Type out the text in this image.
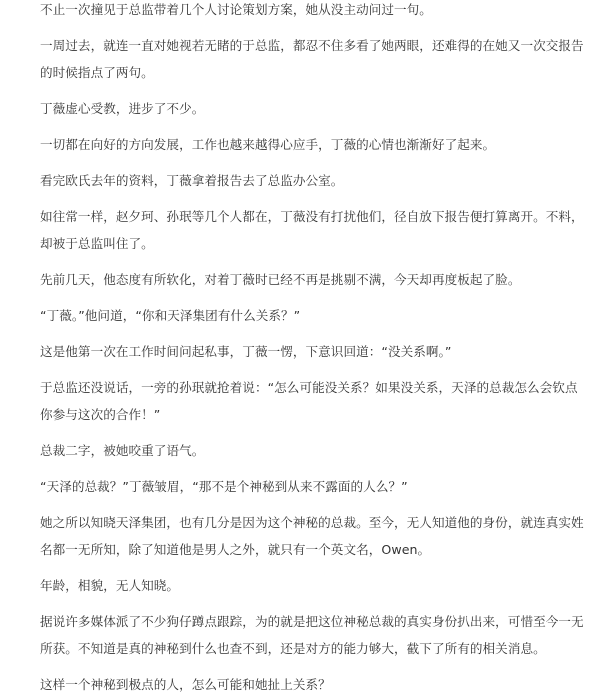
不止一次撞见于总监带着几个人讨论策划方案，她从没主动问过一句。

一周过去，就连一直对她视若无睹的于总监，都忍不住多看了她两眼，还难得的在她又一次交报告的时候指点了两句。

丁薇虚心受教，进步了不少。

一切都在向好的方向发展，工作也越来越得心应手，丁薇的心情也渐渐好了起来。

看完欧氏去年的资料，丁薇拿着报告去了总监办公室。

如往常一样，赵夕珂、孙珉等几个人都在，丁薇没有打扰他们，径自放下报告便打算离开。不料，却被于总监叫住了。

先前几天，他态度有所软化，对着丁薇时已经不再是挑剔不满，今天却再度板起了脸。

“丁薇。”他问道，“你和天泽集团有什么关系？”

这是他第一次在工作时间问起私事，丁薇一愣，下意识回道：“没关系啊。”

于总监还没说话，一旁的孙珉就抢着说：“怎么可能没关系？如果没关系，天泽的总裁怎么会钦点你参与这次的合作！”

总裁二字，被她咬重了语气。

“天泽的总裁？”丁薇皱眉，“那不是个神秘到从来不露面的人么？”

她之所以知晓天泽集团，也有几分是因为这个神秘的总裁。至今，无人知道他的身份，就连真实姓名都一无所知，除了知道他是男人之外，就只有一个英文名，Owen。

年龄，相貌，无人知晓。

据说许多媒体派了不少狗仔蹲点跟踪，为的就是把这位神秘总裁的真实身份扒出来，可惜至今一无所获。不知道是真的神秘到什么也查不到，还是对方的能力够大，截下了所有的相关消息。

这样一个神秘到极点的人，怎么可能和她扯上关系？
